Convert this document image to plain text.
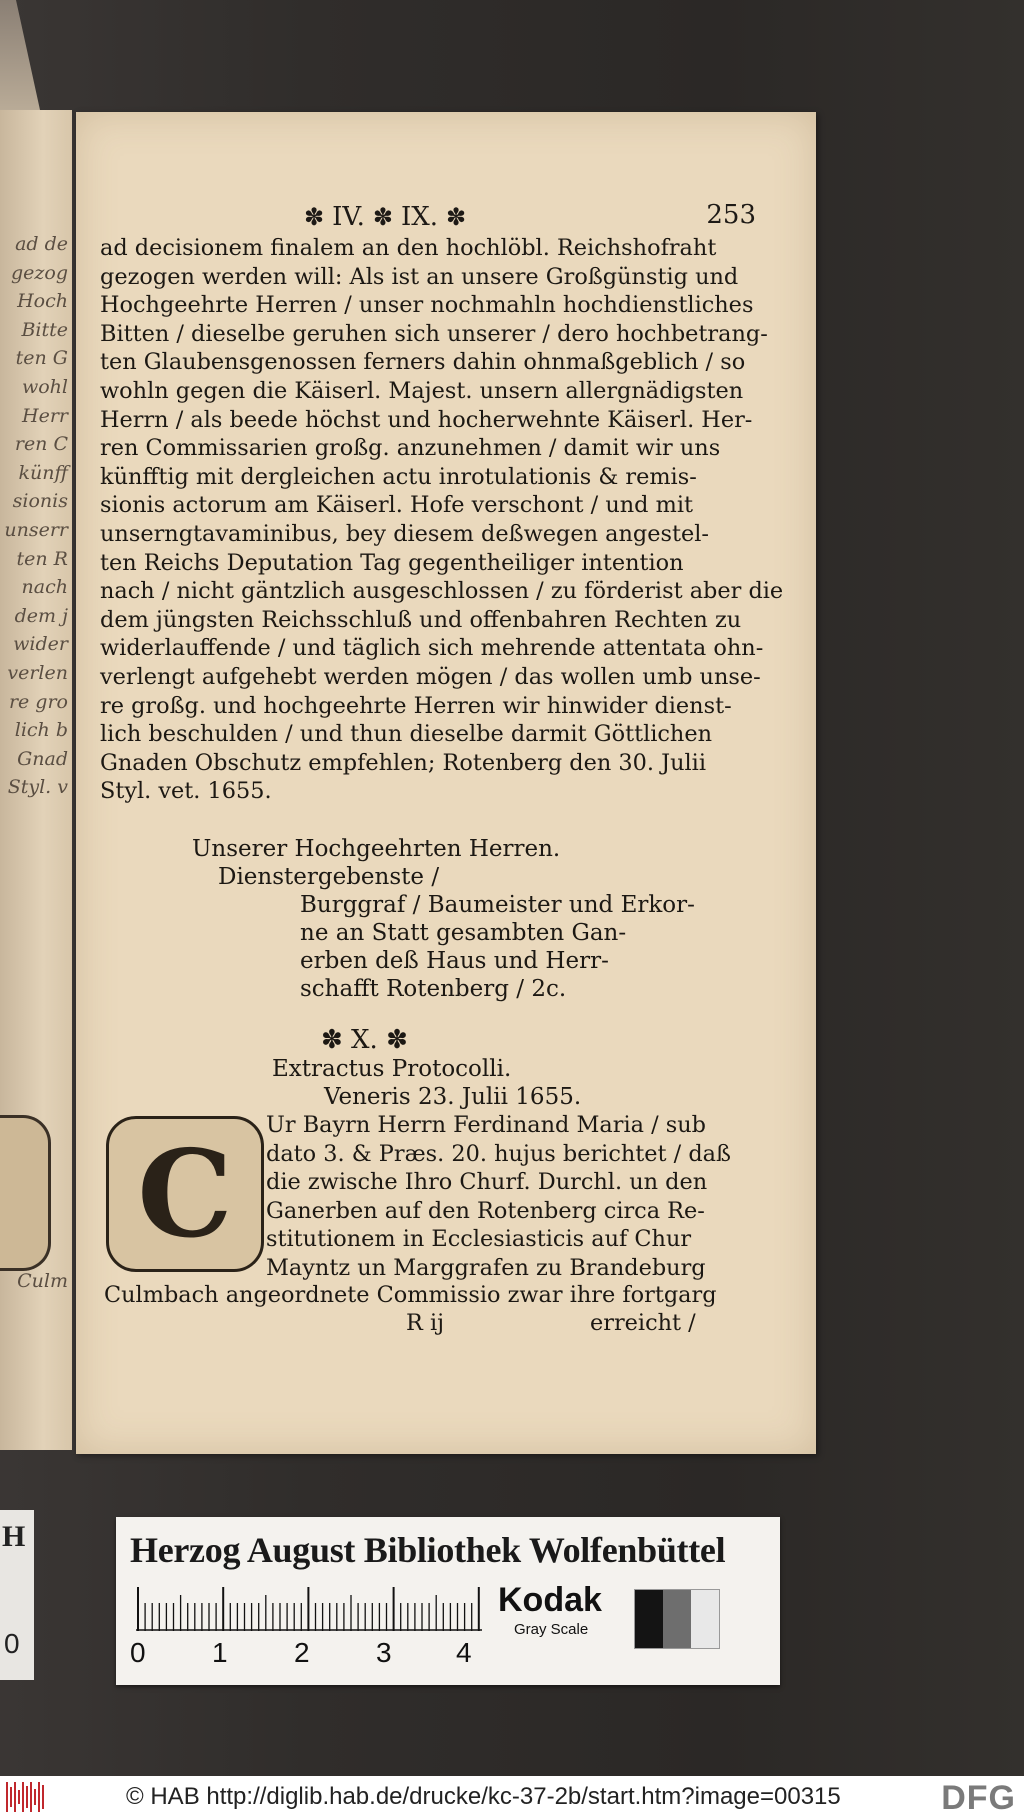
ad de
gezog
Hoch
Bitte
ten G
wohl
Herr
ren C
künff
sionis
unserr
ten R
nach
dem j
wider
verlen
re gro
lich b
Gnad
Styl. v
Culm
✽ IV. ✽ IX. ✽	253
ad decisionem finalem an den hochlöbl. Reichshofraht
gezogen werden will: Als ist an unsere Großgünstig und
Hochgeehrte Herren / unser nochmahln hochdienstliches
Bitten / dieselbe geruhen sich unserer / dero hochbetrang-
ten Glaubensgenossen ferners dahin ohnmaßgeblich / so
wohln gegen die Käiserl. Majest. unsern allergnädigsten
Herrn / als beede höchst und hocherwehnte Käiserl. Her-
ren Commissarien großg. anzunehmen / damit wir uns
künfftig mit dergleichen actu inrotulationis & remis-
sionis actorum am Käiserl. Hofe verschont / und mit
unserngtavaminibus, bey diesem deßwegen angestel-
ten Reichs Deputation Tag gegentheiliger intention
nach / nicht gäntzlich ausgeschlossen / zu förderist aber die
dem jüngsten Reichsschluß und offenbahren Rechten zu
widerlauffende / und täglich sich mehrende attentata ohn-
verlengt aufgehebt werden mögen / das wollen umb unse-
re großg. und hochgeehrte Herren wir hinwider dienst-
lich beschulden / und thun dieselbe darmit Göttlichen
Gnaden Obschutz empfehlen; Rotenberg den 30. Julii
Styl. vet. 1655.
Unserer Hochgeehrten Herren.
Dienstergebenste /
Burggraf / Baumeister und Erkor-
ne an Statt gesambten Gan-
erben deß Haus und Herr-
schafft Rotenberg / 2c.
✽ X. ✽
Extractus Protocolli.
Veneris 23. Julii 1655.
C	Ur Bayrn Herrn Ferdinand Maria / sub
dato 3. & Præs. 20. hujus berichtet / daß
die zwische Ihro Churf. Durchl. un den
Ganerben auf den Rotenberg circa Re-
stitutionem in Ecclesiasticis auf Chur
Mayntz un Marggrafen zu Brandeburg
Culmbach angeordnete Commissio zwar ihre fortgarg
R ij	erreicht /
H
0
Herzog August Bibliothek Wolfenbüttel
0 1 2 3 4
Kodak
Gray Scale
© HAB http://diglib.hab.de/drucke/kc-37-2b/start.htm?image=00315	DFG
